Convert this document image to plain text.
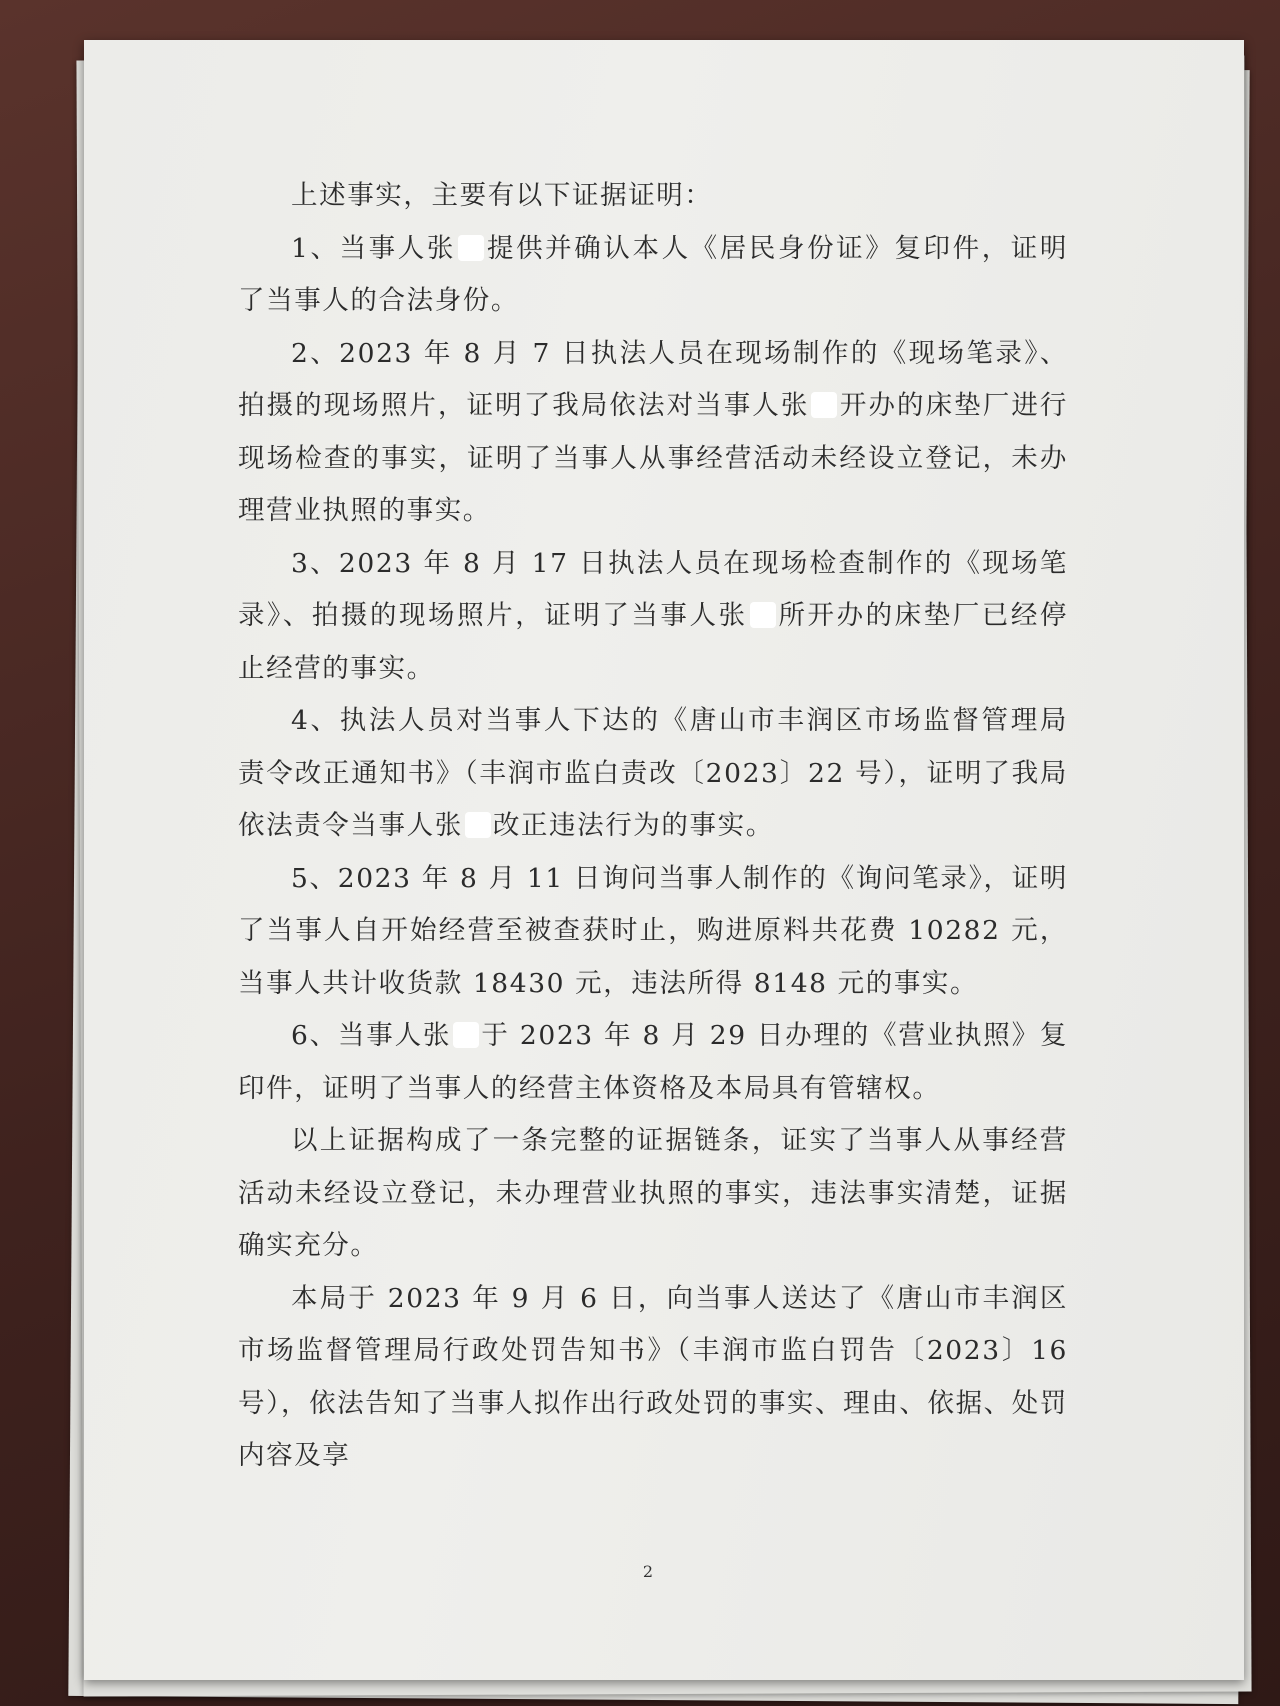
上述事实，主要有以下证据证明：

1、当事人张 提供并确认本人《居民身份证》复印件，证明了当事人的合法身份。

2、2023 年 8 月 7 日执法人员在现场制作的《现场笔录》、拍摄的现场照片，证明了我局依法对当事人张 开办的床垫厂进行现场检查的事实，证明了当事人从事经营活动未经设立登记，未办理营业执照的事实。

3、2023 年 8 月 17 日执法人员在现场检查制作的《现场笔录》、拍摄的现场照片，证明了当事人张 所开办的床垫厂已经停止经营的事实。

4、执法人员对当事人下达的《唐山市丰润区市场监督管理局责令改正通知书》（丰润市监白责改〔2023〕22 号），证明了我局依法责令当事人张 改正违法行为的事实。

5、2023 年 8 月 11 日询问当事人制作的《询问笔录》，证明了当事人自开始经营至被查获时止，购进原料共花费 10282 元，当事人共计收货款 18430 元，违法所得 8148 元的事实。

6、当事人张 于 2023 年 8 月 29 日办理的《营业执照》复印件，证明了当事人的经营主体资格及本局具有管辖权。

以上证据构成了一条完整的证据链条，证实了当事人从事经营活动未经设立登记，未办理营业执照的事实，违法事实清楚，证据确实充分。

本局于 2023 年 9 月 6 日，向当事人送达了《唐山市丰润区市场监督管理局行政处罚告知书》（丰润市监白罚告〔2023〕16 号），依法告知了当事人拟作出行政处罚的事实、理由、依据、处罚内容及享

2
